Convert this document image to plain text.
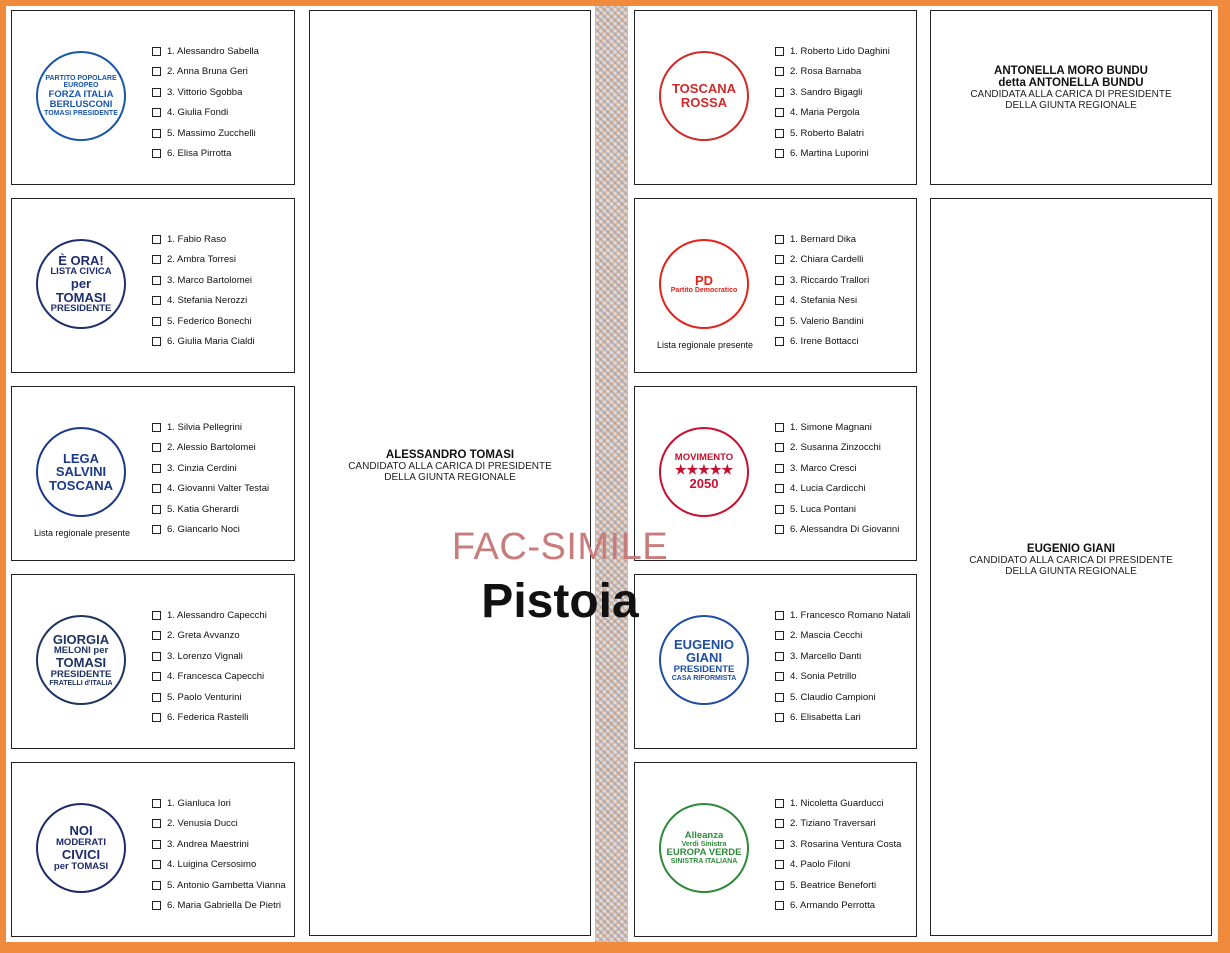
PARTITO POPOLARE EUROPEO
FORZA ITALIA
BERLUSCONI
TOMASI PRESIDENTE
1. Alessandro Sabella
2. Anna Bruna Geri
3. Vittorio Sgobba
4. Giulia Fondi
5. Massimo Zucchelli
6. Elisa Pirrotta
È ORA!
LISTA CIVICA
per
TOMASI
PRESIDENTE
1. Fabio Raso
2. Ambra Torresi
3. Marco Bartolomei
4. Stefania Nerozzi
5. Federico Bonechi
6. Giulia Maria Cialdi
LEGA
SALVINI
TOSCANA
Lista regionale presente
1. Silvia Pellegrini
2. Alessio Bartolomei
3. Cinzia Cerdini
4. Giovanni Valter Testai
5. Katia Gherardi
6. Giancarlo Noci
GIORGIA
MELONI per
TOMASI
PRESIDENTE
FRATELLI d'ITALIA
1. Alessandro Capecchi
2. Greta Avvanzo
3. Lorenzo Vignali
4. Francesca Capecchi
5. Paolo Venturini
6. Federica Rastelli
NOI
MODERATI
CIVICI
per TOMASI
1. Gianluca Iori
2. Venusia Ducci
3. Andrea Maestrini
4. Luigina Cersosimo
5. Antonio Gambetta Vianna
6. Maria Gabriella De Pietri
TOSCANA
ROSSA
1. Roberto Lido Daghini
2. Rosa Barnaba
3. Sandro Bigagli
4. Maria Pergola
5. Roberto Balatri
6. Martina Luporini
PD
Partito Democratico
Lista regionale presente
1. Bernard Dika
2. Chiara Cardelli
3. Riccardo Trallori
4. Stefania Nesi
5. Valerio Bandini
6. Irene Bottacci
MOVIMENTO
★★★★★
2050
1. Simone Magnani
2. Susanna Zinzocchi
3. Marco Cresci
4. Lucia Cardicchi
5. Luca Pontani
6. Alessandra Di Giovanni
EUGENIO
GIANI
PRESIDENTE
CASA RIFORMISTA
1. Francesco Romano Natali
2. Mascia Cecchi
3. Marcello Danti
4. Sonia Petrillo
5. Claudio Campioni
6. Elisabetta Lari
Alleanza
Verdi Sinistra
EUROPA VERDE
SINISTRA ITALIANA
1. Nicoletta Guarducci
2. Tiziano Traversari
3. Rosarina Ventura Costa
4. Paolo Filoni
5. Beatrice Beneforti
6. Armando Perrotta
ALESSANDRO TOMASI
CANDIDATO ALLA CARICA DI PRESIDENTE
DELLA GIUNTA REGIONALE
ANTONELLA MORO BUNDU
detta ANTONELLA BUNDU
CANDIDATA ALLA CARICA DI PRESIDENTE
DELLA GIUNTA REGIONALE
EUGENIO GIANI
CANDIDATO ALLA CARICA DI PRESIDENTE
DELLA GIUNTA REGIONALE
FAC-SIMILE
Pistoia
